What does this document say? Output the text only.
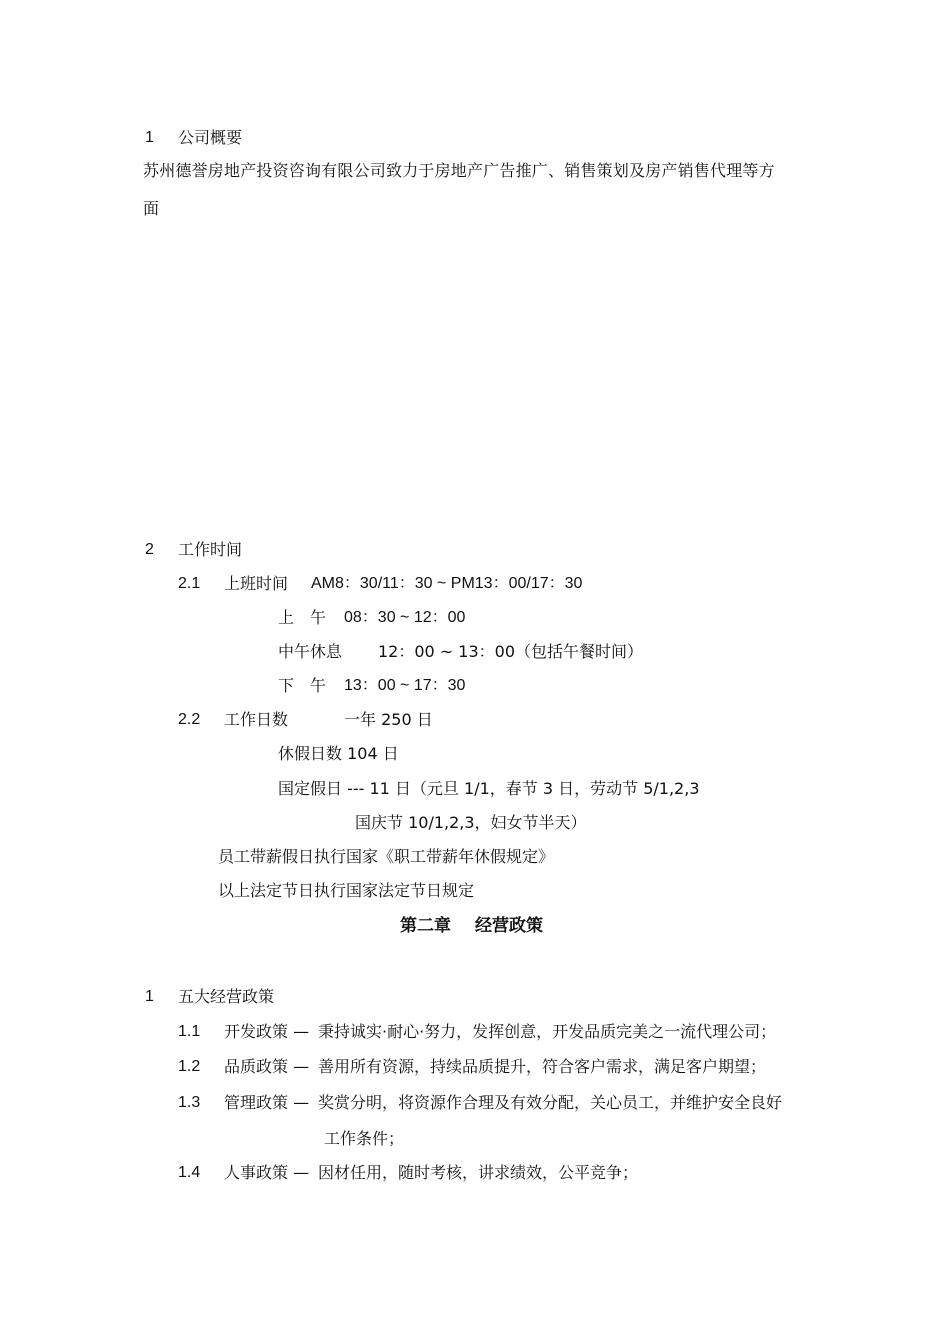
1 公司概要
苏州德誉房地产投资咨询有限公司致力于房地产广告推广、销售策划及房产销售代理等方
面
2 工作时间
2.1 上班时间 AM8：30/11：30 ~ PM13：00/17：30
上　午 08：30 ~ 12：00
中午休息 12：00 ~ 13：00（包括午餐时间）
下　午 13：00 ~ 17：30
2.2 工作日数	一年 250 日
休假日数 104 日
国定假日 --- 11 日（元旦 1/1，春节 3 日，劳动节 5/1,2,3
国庆节 10/1,2,3，妇女节半天）
员工带薪假日执行国家《职工带薪年休假规定》
以上法定节日执行国家法定节日规定
第二章 经营政策
1 五大经营政策
1.1 开发政策 — 秉持诚实·耐心·努力，发挥创意，开发品质完美之一流代理公司；
1.2 品质政策 — 善用所有资源，持续品质提升，符合客户需求，满足客户期望；
1.3 管理政策 — 奖赏分明，将资源作合理及有效分配，关心员工，并维护安全良好
工作条件；
1.4 人事政策 — 因材任用，随时考核，讲求绩效，公平竞争；
